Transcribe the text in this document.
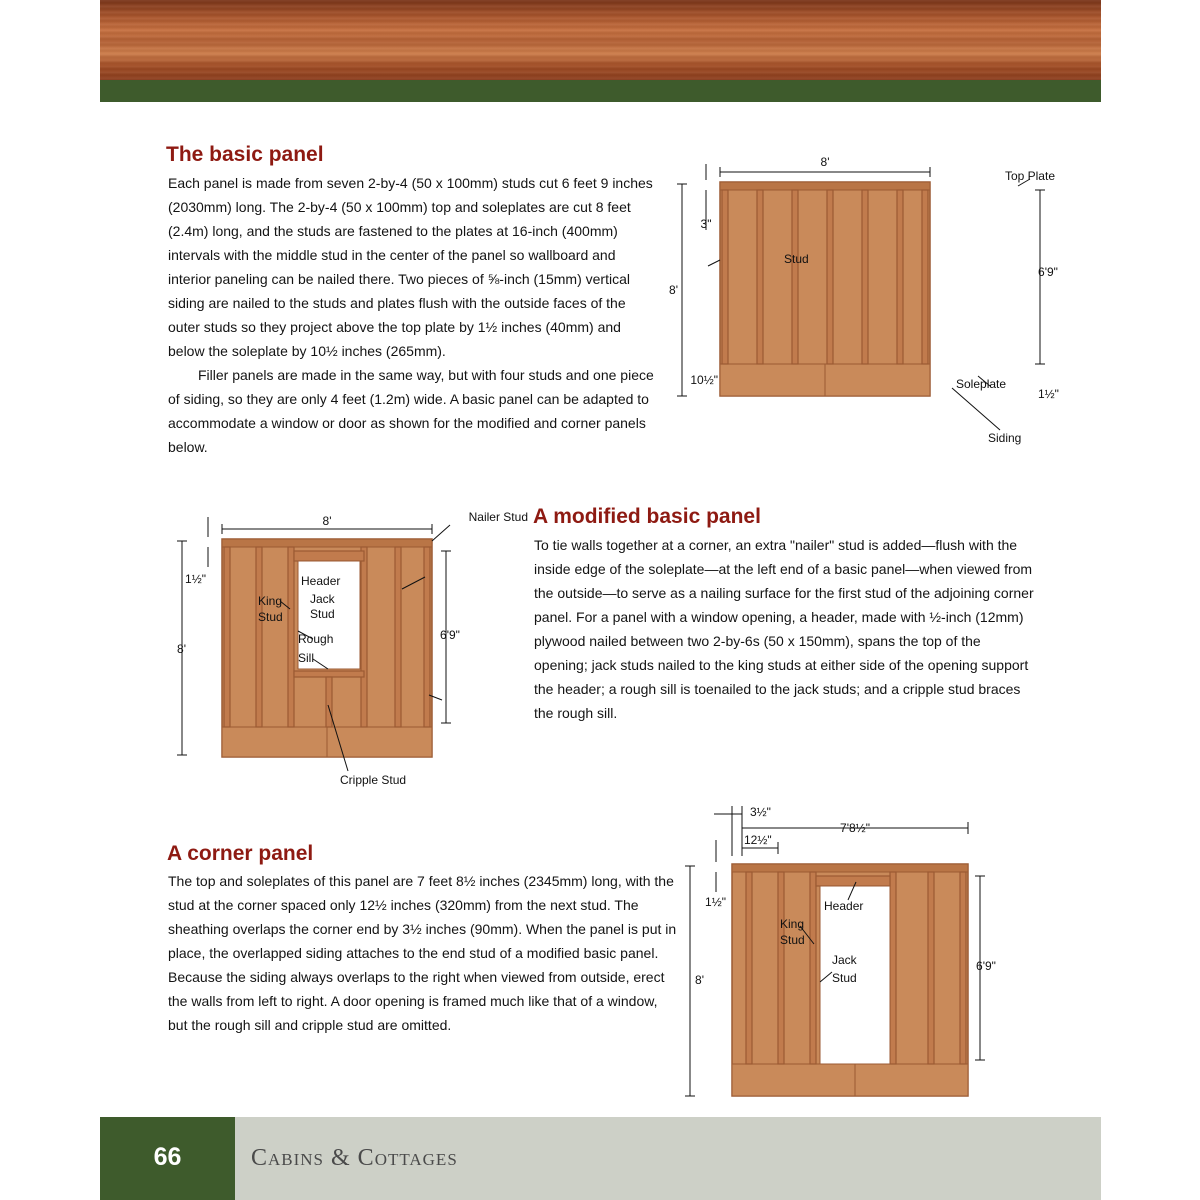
The basic panel

Each panel is made from seven 2-by-4 (50 x 100mm) studs cut 6 feet 9 inches (2030mm) long. The 2-by-4 (50 x 100mm) top and soleplates are cut 8 feet (2.4m) long, and the studs are fastened to the plates at 16-inch (400mm) intervals with the middle stud in the center of the panel so wallboard and interior paneling can be nailed there. Two pieces of ⅝-inch (15mm) vertical siding are nailed to the studs and plates flush with the outside faces of the outer studs so they project above the top plate by 1½ inches (40mm) and below the soleplate by 10½ inches (265mm).

Filler panels are made in the same way, but with four studs and one piece of siding, so they are only 4 feet (1.2m) wide. A basic panel can be adapted to accommodate a window or door as shown for the modified and corner panels below.

8'
3"
8'
6'9"
10½"
1½"
Top Plate
Stud
Soleplate
Siding
A modified basic panel

To tie walls together at a corner, an extra "nailer" stud is added—flush with the inside edge of the soleplate—at the left end of a basic panel—when viewed from the outside—to serve as a nailing surface for the first stud of the adjoining corner panel. For a panel with a window opening, a header, made with ½-inch (12mm) plywood nailed between two 2-by-6s (50 x 150mm), spans the top of the opening; jack studs nailed to the king studs at either side of the opening support the header; a rough sill is toenailed to the jack studs; and a cripple stud braces the rough sill.

8'
1½"
8'
6'9"
Nailer Stud
Header
Jack
Stud
King
Stud
Rough
Sill
Cripple Stud
A corner panel

The top and soleplates of this panel are 7 feet 8½ inches (2345mm) long, with the stud at the corner spaced only 12½ inches (320mm) from the next stud. The sheathing overlaps the corner end by 3½ inches (90mm). When the panel is put in place, the overlapped siding attaches to the end stud of a modified basic panel. Because the siding always overlaps to the right when viewed from outside, erect the walls from left to right. A door opening is framed much like that of a window, but the rough sill and cripple stud are omitted.

3½"
7'8½"
12½"
1½"
8'
6'9"
Header
King
Stud
Jack
Stud
66	Cabins & Cottages
